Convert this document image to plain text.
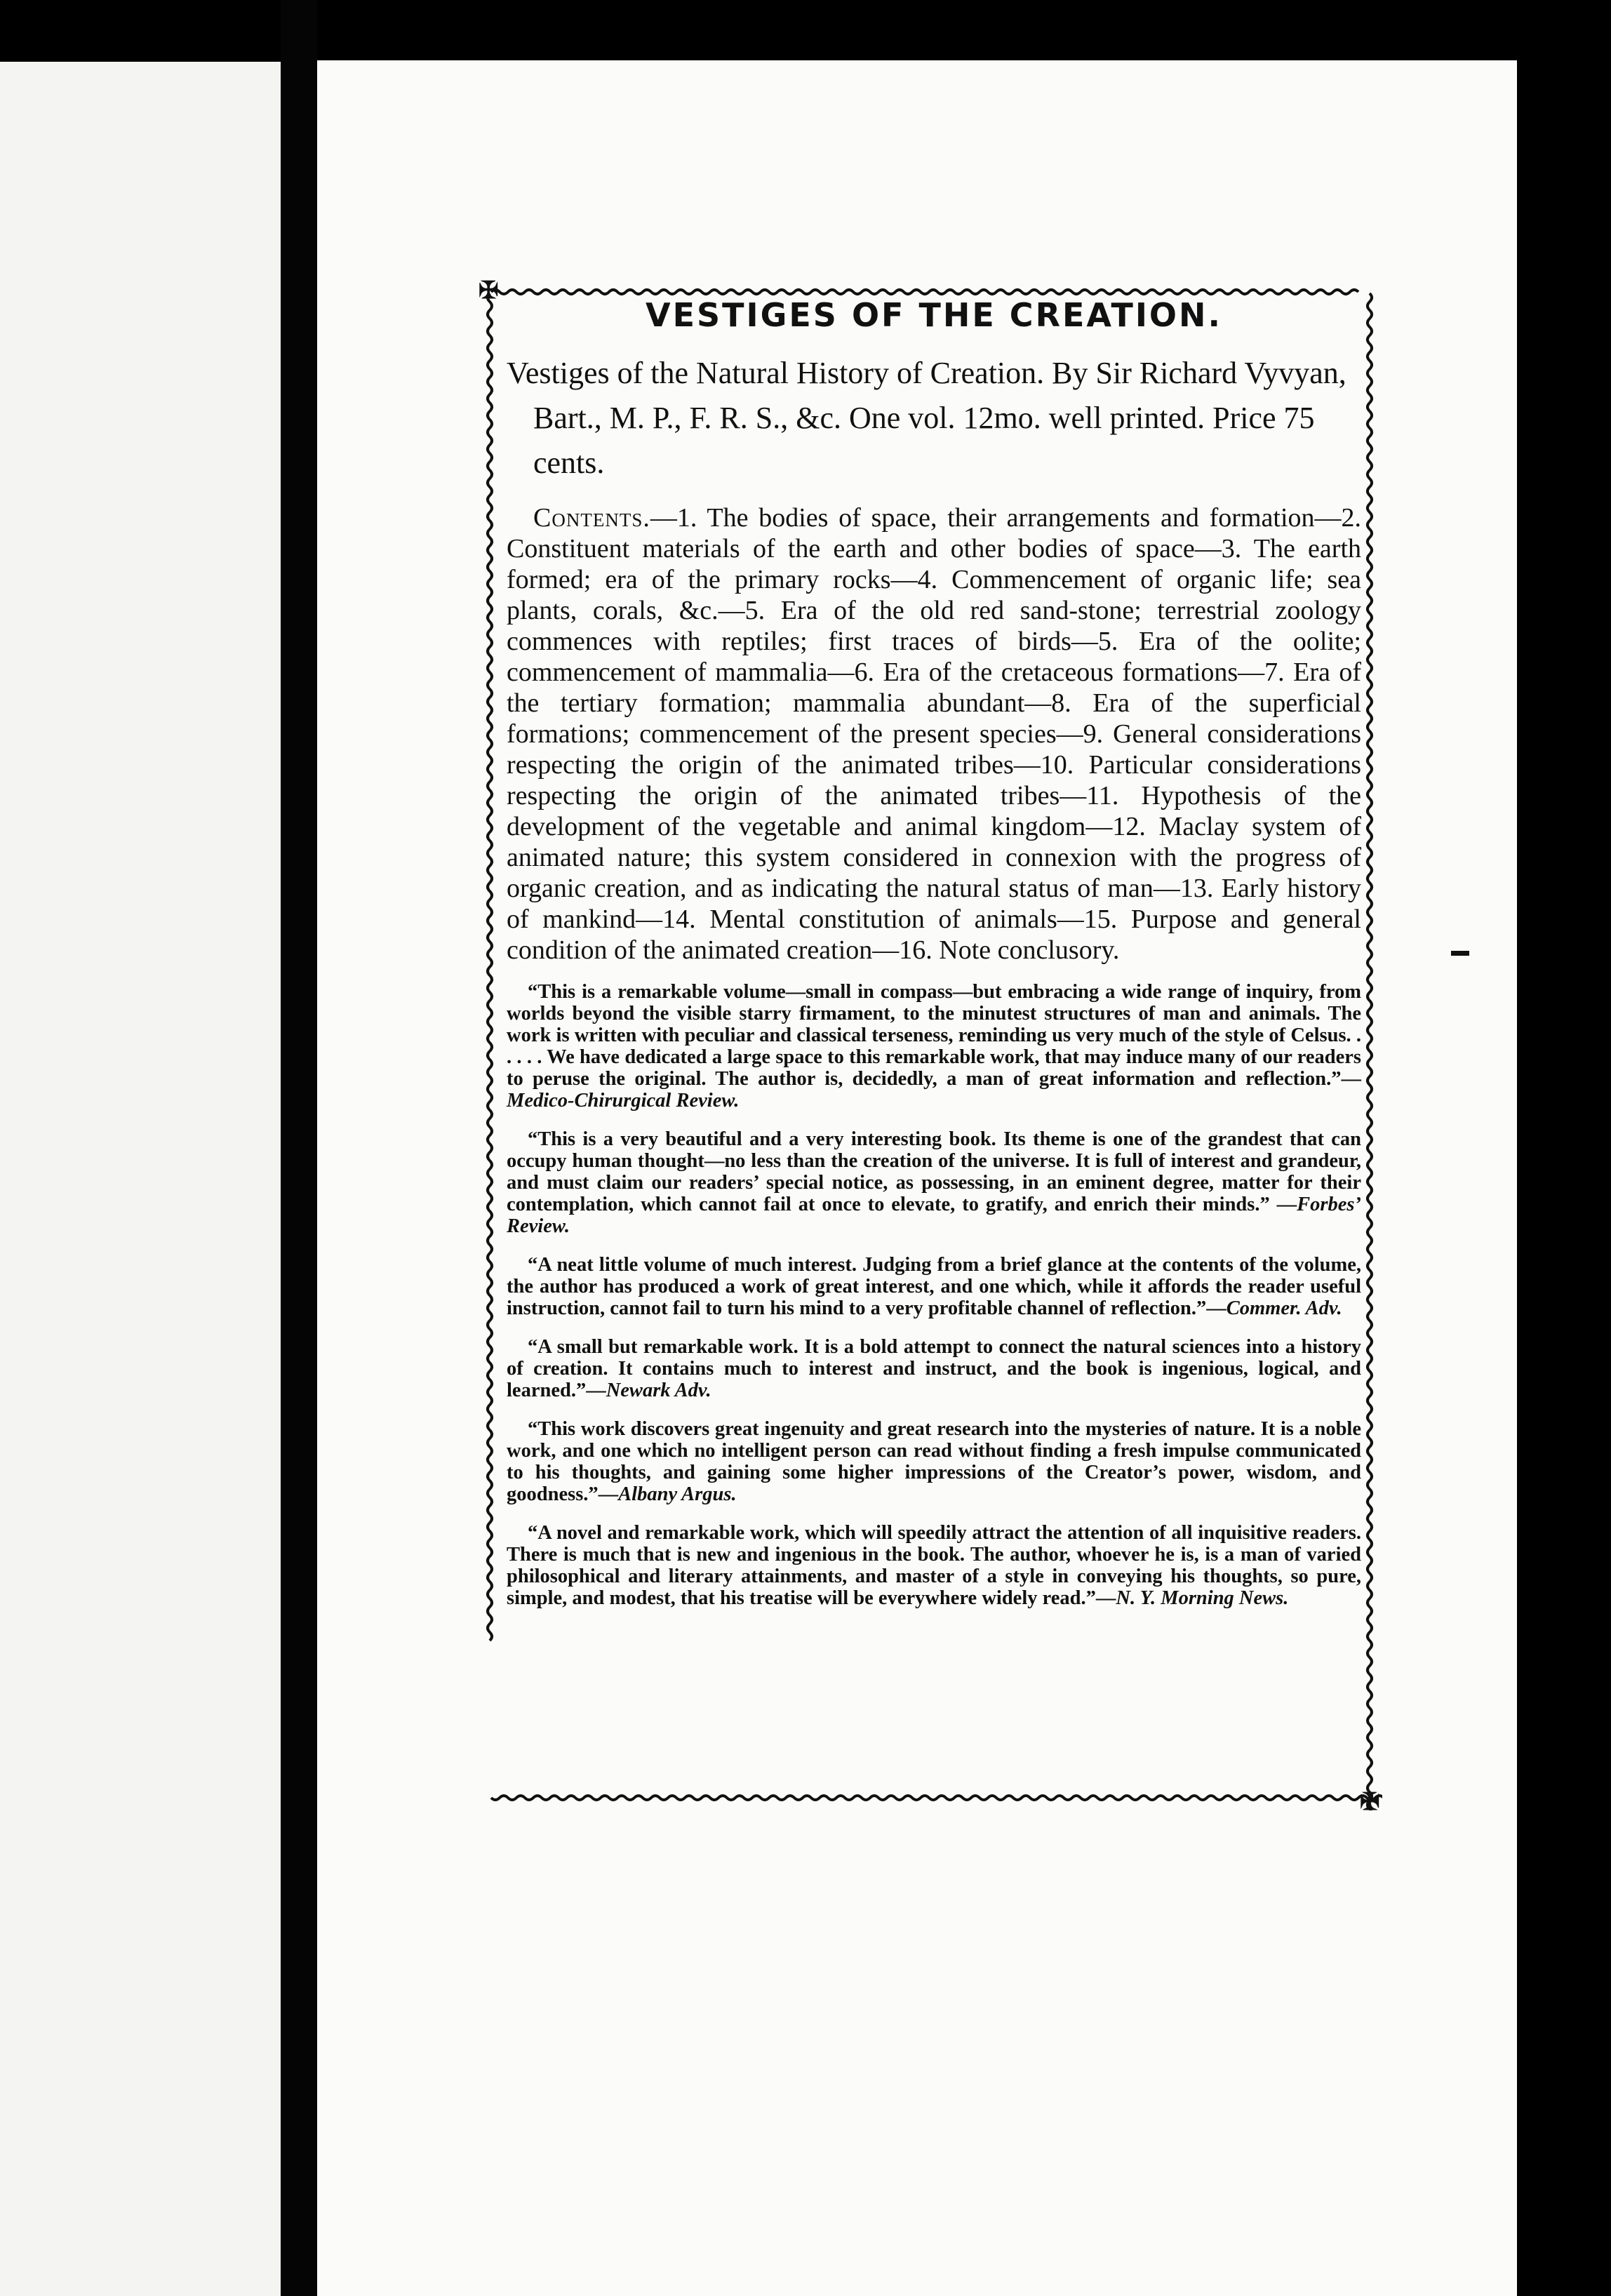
✠
✠
VESTIGES OF THE CREATION.

Vestiges of the Natural History of Creation. By Sir Richard Vyvyan, Bart., M. P., F. R. S., &c. One vol. 12mo. well printed. Price 75 cents.

Contents.—1. The bodies of space, their arrangements and formation—2. Constituent materials of the earth and other bodies of space—3. The earth formed; era of the primary rocks—4. Commencement of organic life; sea plants, corals, &c.—5. Era of the old red sand-stone; terrestrial zoology commences with reptiles; first traces of birds—5. Era of the oolite; commencement of mammalia—6. Era of the cretaceous formations—7. Era of the tertiary formation; mammalia abundant—8. Era of the superficial formations; commencement of the present species—9. General considerations respecting the origin of the animated tribes—10. Particular considerations respecting the origin of the animated tribes—11. Hypothesis of the development of the vegetable and animal kingdom—12. Maclay system of animated nature; this system considered in connexion with the progress of organic creation, and as indicating the natural status of man—13. Early history of mankind—14. Mental constitution of animals—15. Purpose and general condition of the animated creation—16. Note conclusory.

“This is a remarkable volume—small in compass—but embracing a wide range of inquiry, from worlds beyond the visible starry firmament, to the minutest structures of man and animals. The work is written with peculiar and classical terseness, reminding us very much of the style of Celsus. . . . . . We have dedicated a large space to this remarkable work, that may induce many of our readers to peruse the original. The author is, decidedly, a man of great information and reflection.”—Medico-Chirurgical Review.

“This is a very beautiful and a very interesting book. Its theme is one of the grandest that can occupy human thought—no less than the creation of the universe. It is full of interest and grandeur, and must claim our readers’ special notice, as possessing, in an eminent degree, matter for their contemplation, which cannot fail at once to elevate, to gratify, and enrich their minds.” —Forbes’ Review.

“A neat little volume of much interest. Judging from a brief glance at the contents of the volume, the author has produced a work of great interest, and one which, while it affords the reader useful instruction, cannot fail to turn his mind to a very profitable channel of reflection.”—Commer. Adv.

“A small but remarkable work. It is a bold attempt to connect the natural sciences into a history of creation. It contains much to interest and instruct, and the book is ingenious, logical, and learned.”—Newark Adv.

“This work discovers great ingenuity and great research into the mysteries of nature. It is a noble work, and one which no intelligent person can read without finding a fresh impulse communicated to his thoughts, and gaining some higher impressions of the Creator’s power, wisdom, and goodness.”—Albany Argus.

“A novel and remarkable work, which will speedily attract the attention of all inquisitive readers. There is much that is new and ingenious in the book. The author, whoever he is, is a man of varied philosophical and literary attainments, and master of a style in conveying his thoughts, so pure, simple, and modest, that his treatise will be everywhere widely read.”—N. Y. Morning News.
